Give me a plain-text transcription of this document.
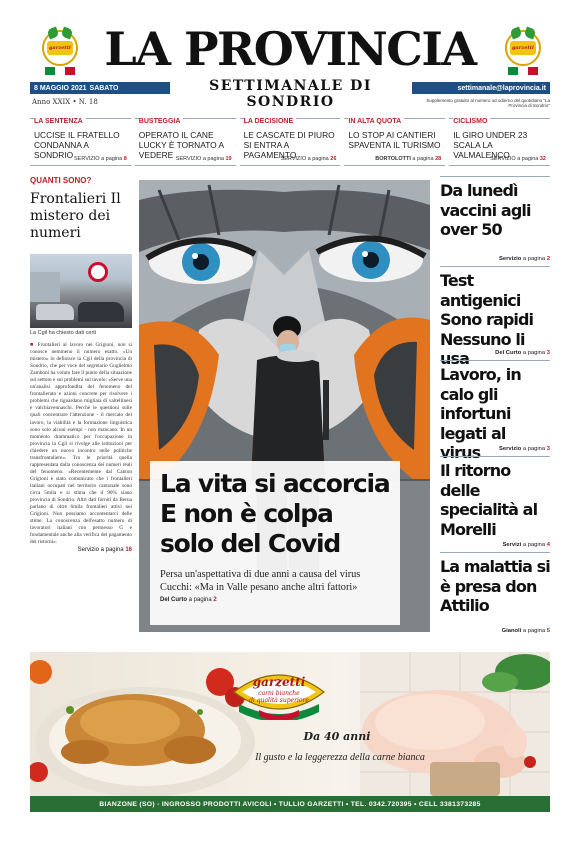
garzetti LA PROVINCIA	garzetti
8 MAGGIO 2021 SABATO	SETTIMANALE DI SONDRIO
settimanale@laprovincia.it
Anno XXIX • N. 18	Supplemento gratuito al numero od odierno del quotidiano "La Provincia di Sondrio"
LA SENTENZA
UCCISE IL FRATELLO CONDANNA A SONDRIO SERVIZIO a pagina 8
BUSTEGGIA
OPERATO IL CANE LUCKY È TORNATO A VEDERE SERVIZIO a pagina 19
LA DECISIONE
LE CASCATE DI PIURO SI ENTRA A PAGAMENTO
SERVIZIO a pagina 26
IN ALTA QUOTA
LO STOP AI CANTIERI SPAVENTA IL TURISMO
BORTOLOTTI a pagina 28
CICLISMO
IL GIRO UNDER 23 SCALA LA VALMALENCO
SERVIZIO a pagina 32
QUANTI SONO?
Frontalieri Il mistero dei numeri
La Cgil ha chiesto dati certi
■ Frontalieri al lavoro nei Grigioni, non si conosce nemmeno il numero esatto. «Un mistero» lo definisce la Cgil della provincia di Sondrio, che per voce del segretario Guglielmo Zamboni ha voluto fare il punto della situazione sul settore e sui problemi sul tavolo: «Serve una un'analisi approfondita del fenomeno del frontalierato e azioni concrete per risolvere i problemi che riguardano migliaia di valtellinesi e valchiavennaschi. Perché le questioni sulle quali concentrare l'attenzione - il mercato del lavoro, la viabilità e la formazione linguistica sono solo alcuni esempi - non mancano. In un momento drammatico per l'occupazione in provincia la Cgil si rivolge alle istituzioni per chiedere un nuovo incontro nelle politiche transfrontaliere». Tra le priorità quella rappresentata dalla conoscenza dei numeri reali del fenomeno. «Recentemente dal Canton Grigioni è stato comunicato che i frontalieri italiani occupati nel territorio cantonale sono circa 5mila e si stima che il 90% siano provincia di Sondrio. Altri dati forniti da Berna parlano di oltre 6mila frontalieri attivi nei Grigioni. Non possiamo accontentarci delle stime. La conoscenza dell'esatto numero di lavoratori italiani con permesso G e fondamentale anche alla verifica del pagamento dei ristorni».
Servizio a pagina 16
La vita si accorcia E non è colpa solo del Covid
Persa un'aspettativa di due anni a causa del virus Cucchi: «Ma in Valle pesano anche altri fattori»
Del Curto a pagina 2
Da lunedì vaccini agli over 50
Servizio a pagina 2
Test antigenici Sono rapidi Nessuno li usa	Del Curto a pagina 3
Lavoro, in calo gli infortuni legati al virus	Servizio a pagina 3
Il ritorno delle specialità al Morelli
Servizi a pagina 4
La malattia si è presa don Attilio
Gianoli a pagina 5
garzetti
carni bianche
di qualità superiore
Da 40 anni
Il gusto e la leggerezza della carne bianca
BIANZONE (SO) - INGROSSO PRODOTTI AVICOLI • TULLIO GARZETTI • TEL. 0342.720395 • CELL 3381373285
